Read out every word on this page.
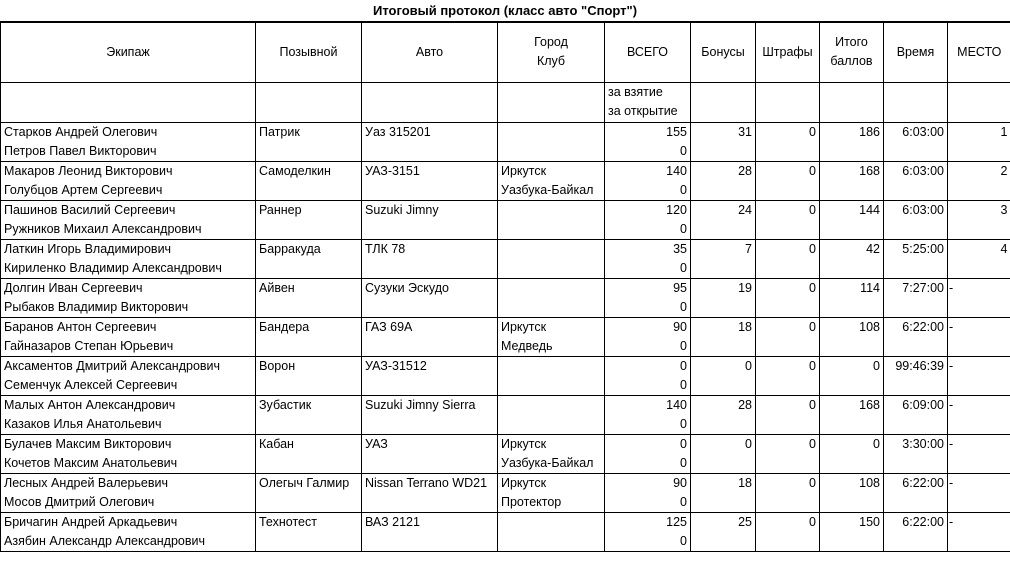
Итоговый протокол (класс авто "Спорт")
Экипаж	Позывной	Авто	Город Клуб	ВСЕГО	Бонусы	Штрафы	Итого баллов	Время	МЕСТО

				за взятие
за открытие					

Старков Андрей Олегович	Патрик	Уаз 315201		155	31	0	186	6:03:00	1
Петров Павел Викторович				0					
Макаров Леонид Викторович	Самоделкин	УАЗ-3151	Иркутск	140	28	0	168	6:03:00	2
Голубцов Артем Сергеевич			Уазбука-Байкал	0					
Пашинов Василий Сергеевич	Раннер	Suzuki Jimny		120	24	0	144	6:03:00	3
Ружников Михаил Александрович				0					
Латкин Игорь Владимирович	Барракуда	ТЛК 78		35	7	0	42	5:25:00	4
Кириленко Владимир Александрович				0					
Долгин Иван Сергеевич	Айвен	Сузуки Эскудо		95	19	0	114	7:27:00	-
Рыбаков Владимир Викторович				0					
Баранов Антон Сергеевич	Бандера	ГАЗ 69А	Иркутск	90	18	0	108	6:22:00	-
Гайназаров Степан Юрьевич			Медведь	0					
Аксаментов Дмитрий Александрович	Ворон	УАЗ-31512		0	0	0	0	99:46:39	-
Семенчук Алексей Сергеевич				0					
Малых Антон Александрович	Зубастик	Suzuki Jimny Sierra		140	28	0	168	6:09:00	-
Казаков Илья Анатольевич				0					
Булачев Максим Викторович	Кабан	УАЗ	Иркутск	0	0	0	0	3:30:00	-
Кочетов Максим Анатольевич			Уазбука-Байкал	0					
Лесных Андрей Валерьевич	Олегыч Галмир	Nissan Terrano WD21	Иркутск	90	18	0	108	6:22:00	-
Мосов Дмитрий Олегович			Протектор	0					
Бричагин Андрей Аркадьевич	Технотест	ВАЗ 2121		125	25	0	150	6:22:00	-
Азябин Александр Александрович				0					
